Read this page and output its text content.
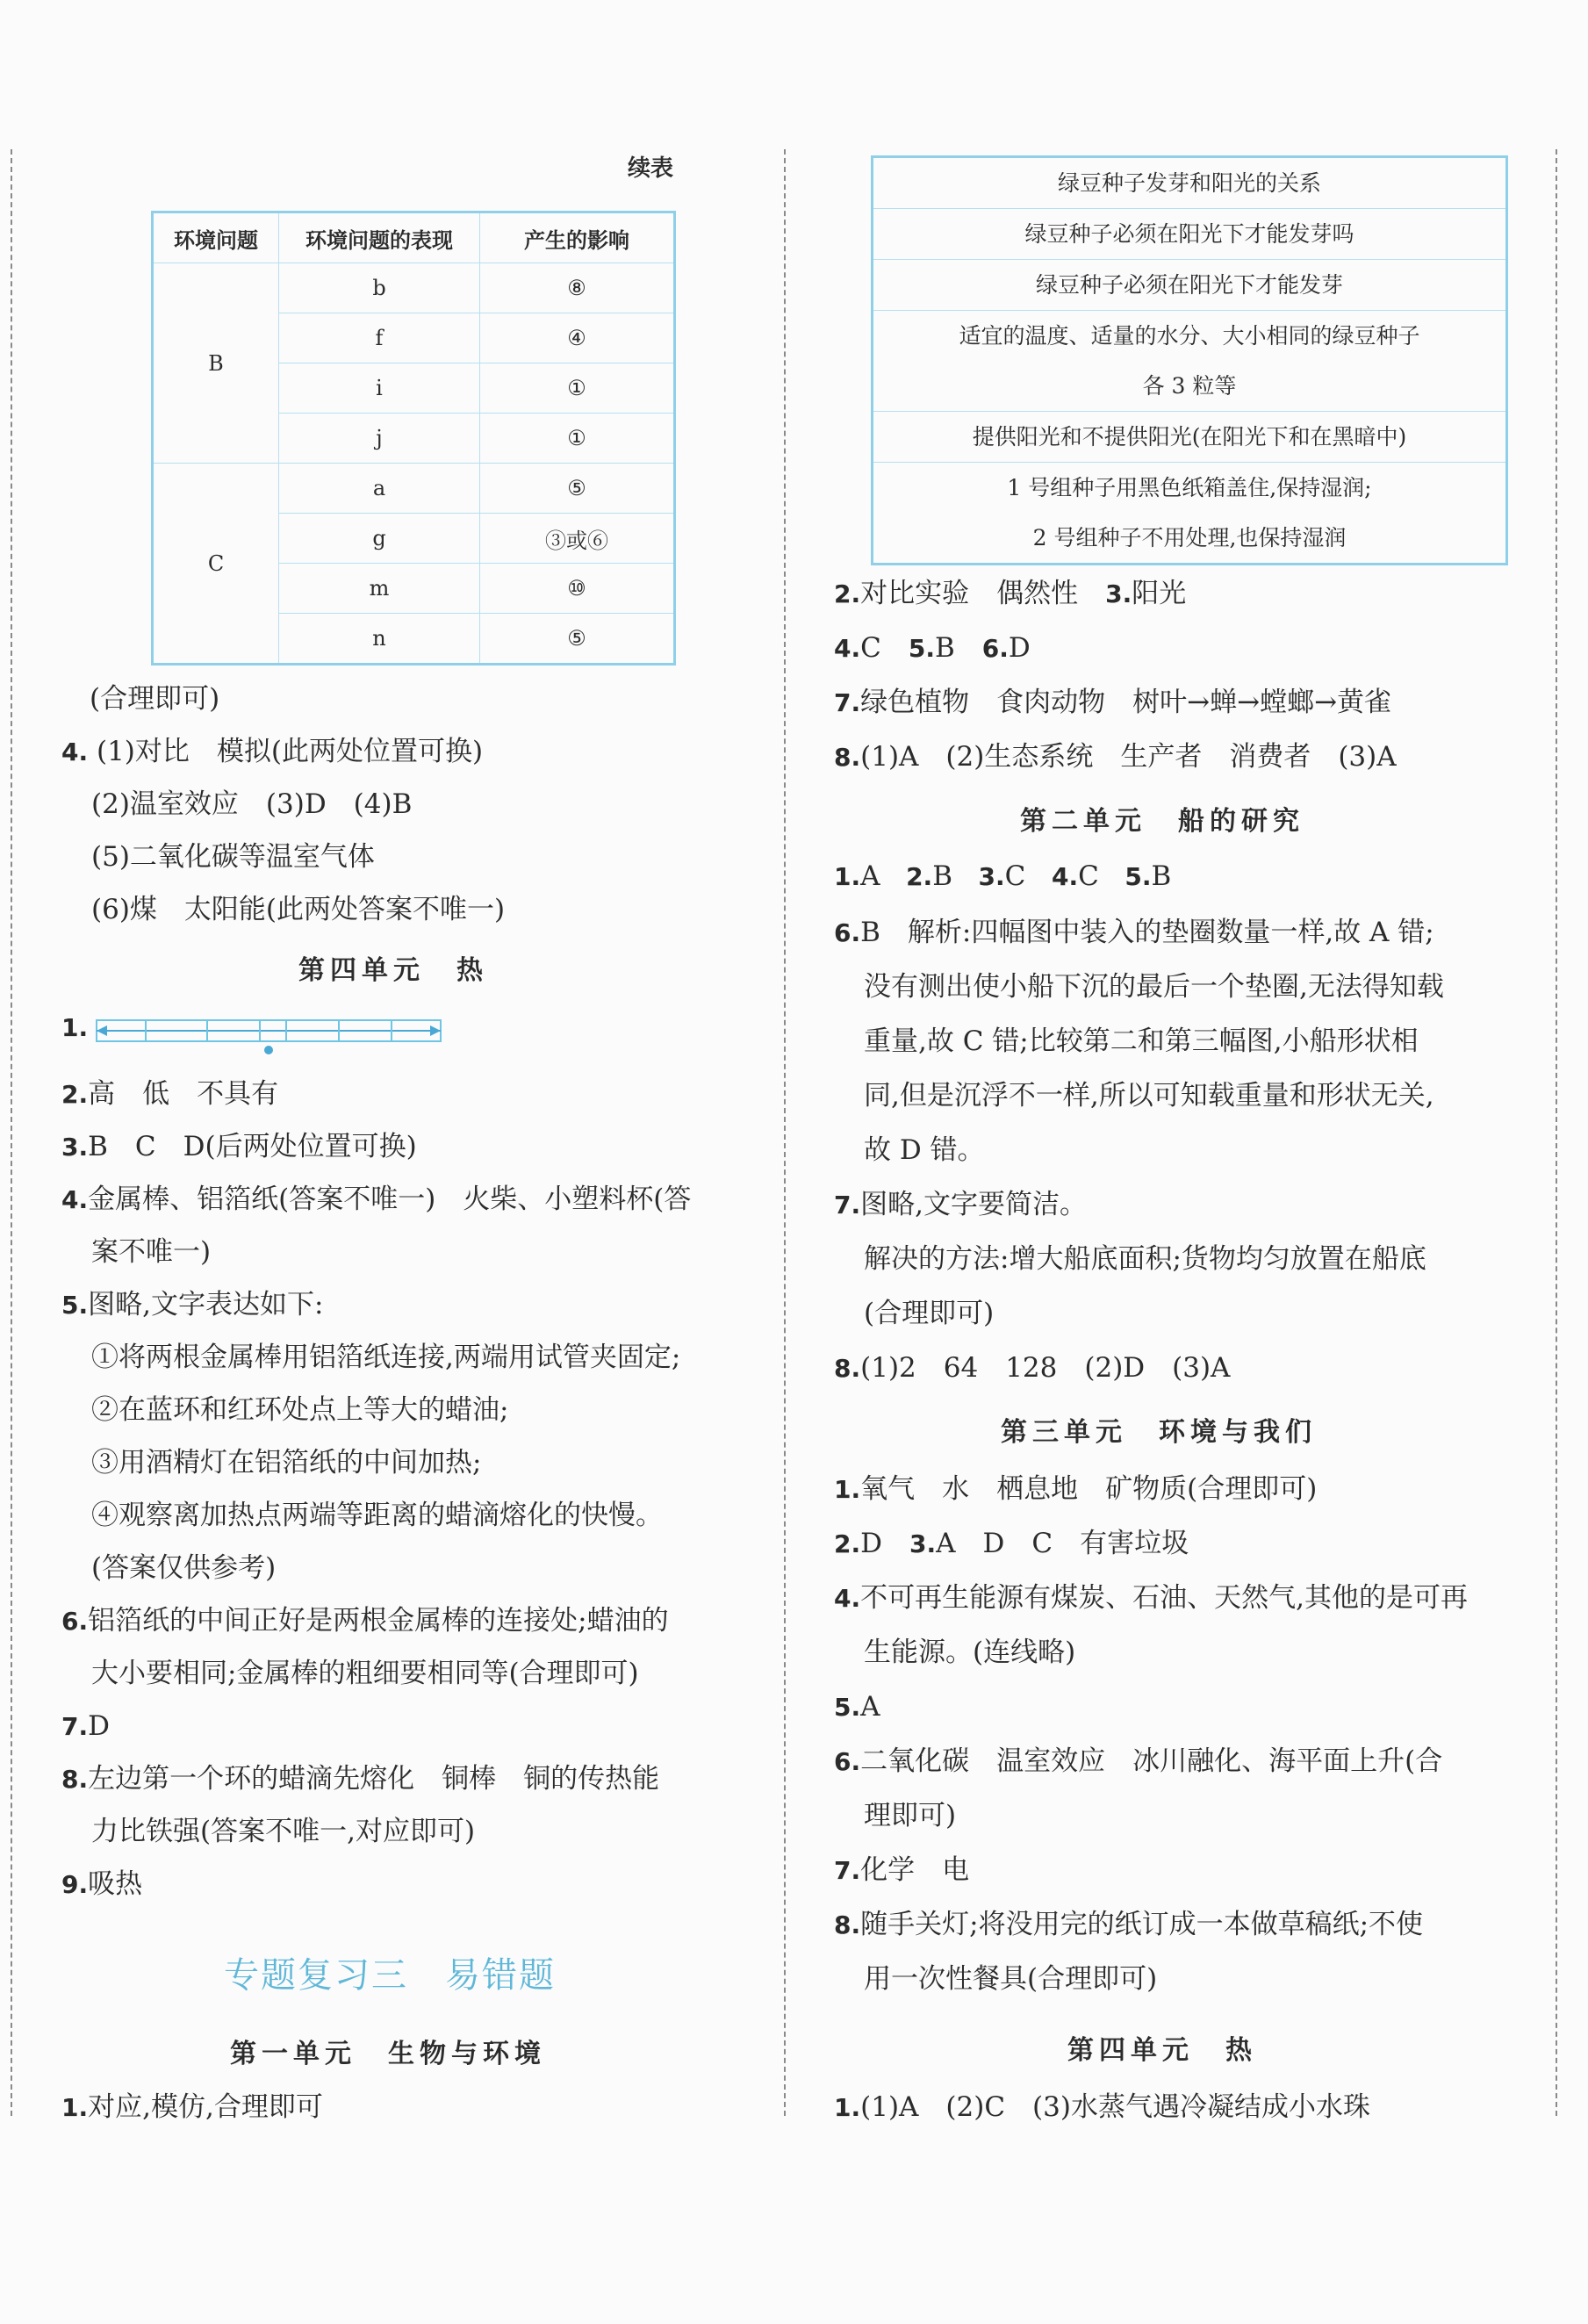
续表
环境问题	环境问题的表现	产生的影响
B	b	⑧
	f	④
	i	①
	j	①
C	a	⑤
	g	③或⑥
	m	⑩
	n	⑤
(合理即可)
4. (1)对比　模拟(此两处位置可换)
(2)温室效应　(3)D　(4)B
(5)二氧化碳等温室气体
(6)煤　太阳能(此两处答案不唯一)
第四单元　热
1.
2.高　低　不具有
3.B　C　D(后两处位置可换)
4.金属棒、铝箔纸(答案不唯一)　火柴、小塑料杯(答
案不唯一)
5.图略,文字表达如下:
①将两根金属棒用铝箔纸连接,两端用试管夹固定;
②在蓝环和红环处点上等大的蜡油;
③用酒精灯在铝箔纸的中间加热;
④观察离加热点两端等距离的蜡滴熔化的快慢。
(答案仅供参考)
6.铝箔纸的中间正好是两根金属棒的连接处;蜡油的
大小要相同;金属棒的粗细要相同等(合理即可)
7.D
8.左边第一个环的蜡滴先熔化　铜棒　铜的传热能
力比铁强(答案不唯一,对应即可)
9.吸热
专题复习三　易错题
第一单元　生物与环境
1.对应,模仿,合理即可
绿豆种子发芽和阳光的关系
绿豆种子必须在阳光下才能发芽吗
绿豆种子必须在阳光下才能发芽
适宜的温度、适量的水分、大小相同的绿豆种子
各 3 粒等
提供阳光和不提供阳光(在阳光下和在黑暗中)
1 号组种子用黑色纸箱盖住,保持湿润;
2 号组种子不用处理,也保持湿润
2.对比实验　偶然性　3.阳光
4.C　5.B　6.D
7.绿色植物　食肉动物　树叶→蝉→螳螂→黄雀
8.(1)A　(2)生态系统　生产者　消费者　(3)A
第二单元　船的研究
1.A 2.B 3.C 4.C 5.B
6.B　解析:四幅图中装入的垫圈数量一样,故 A 错;
没有测出使小船下沉的最后一个垫圈,无法得知载
重量,故 C 错;比较第二和第三幅图,小船形状相
同,但是沉浮不一样,所以可知载重量和形状无关,
故 D 错。
7.图略,文字要简洁。
解决的方法:增大船底面积;货物均匀放置在船底
(合理即可)
8.(1)2　64　128　(2)D　(3)A
第三单元　环境与我们
1.氧气　水　栖息地　矿物质(合理即可)
2.D　3.A　D　C　有害垃圾
4.不可再生能源有煤炭、石油、天然气,其他的是可再
生能源。(连线略)
5.A
6.二氧化碳　温室效应　冰川融化、海平面上升(合
理即可)
7.化学　电
8.随手关灯;将没用完的纸订成一本做草稿纸;不使
用一次性餐具(合理即可)
第四单元　热
1.(1)A　(2)C　(3)水蒸气遇冷凝结成小水珠
